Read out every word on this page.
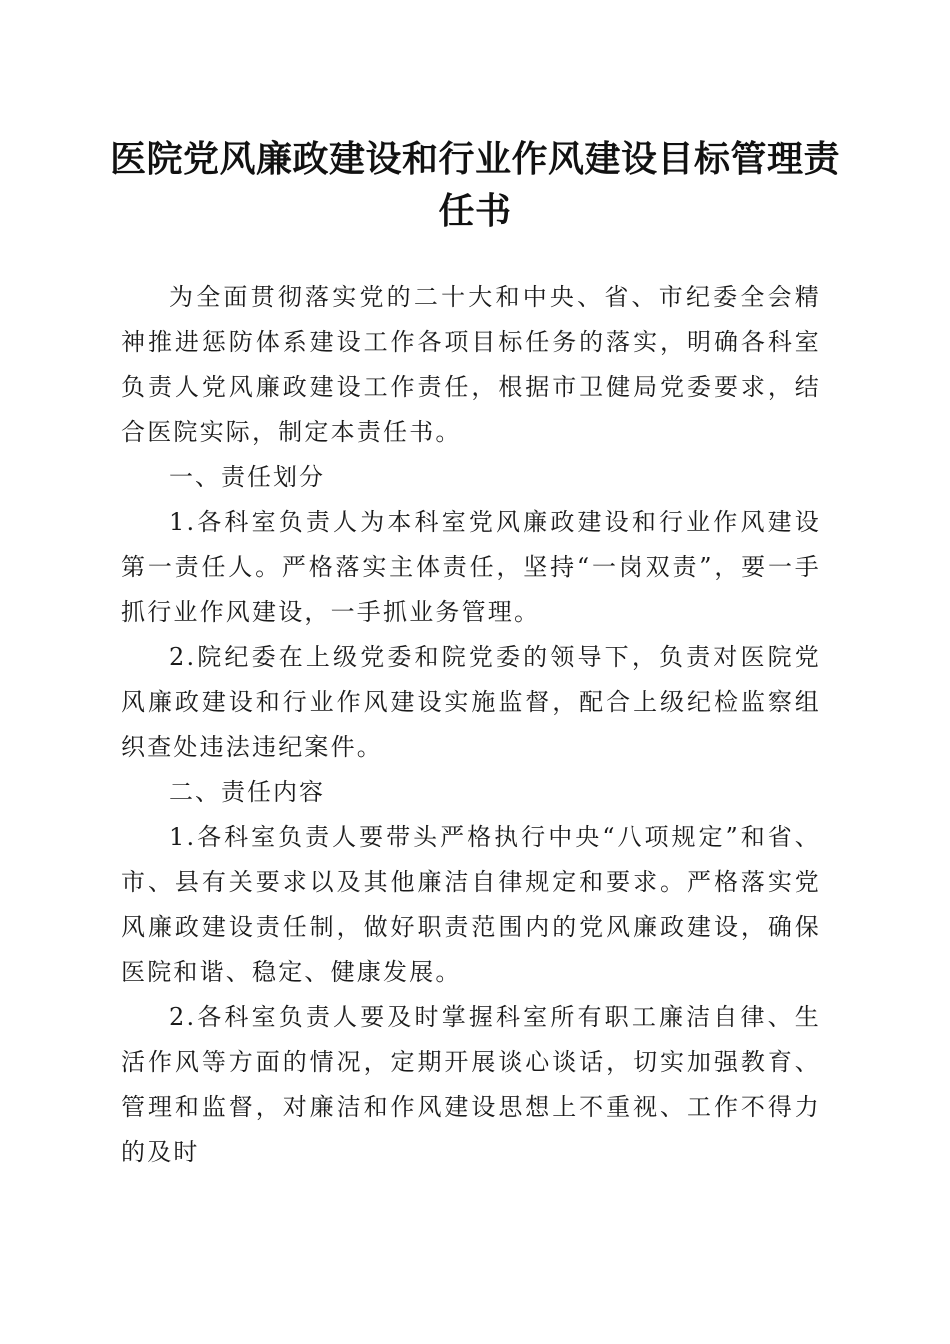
医院党风廉政建设和行业作风建设目标管理责任书

为全面贯彻落实党的二十大和中央、省、市纪委全会精神推进惩防体系建设工作各项目标任务的落实，明确各科室负责人党风廉政建设工作责任，根据市卫健局党委要求，结合医院实际，制定本责任书。

一、责任划分

1.各科室负责人为本科室党风廉政建设和行业作风建设第一责任人。严格落实主体责任，坚持“一岗双责”，要一手抓行业作风建设，一手抓业务管理。

2.院纪委在上级党委和院党委的领导下，负责对医院党风廉政建设和行业作风建设实施监督，配合上级纪检监察组织查处违法违纪案件。

二、责任内容

1.各科室负责人要带头严格执行中央“八项规定”和省、市、县有关要求以及其他廉洁自律规定和要求。严格落实党风廉政建设责任制，做好职责范围内的党风廉政建设，确保医院和谐、稳定、健康发展。

2.各科室负责人要及时掌握科室所有职工廉洁自律、生活作风等方面的情况，定期开展谈心谈话，切实加强教育、管理和监督，对廉洁和作风建设思想上不重视、工作不得力的及时
